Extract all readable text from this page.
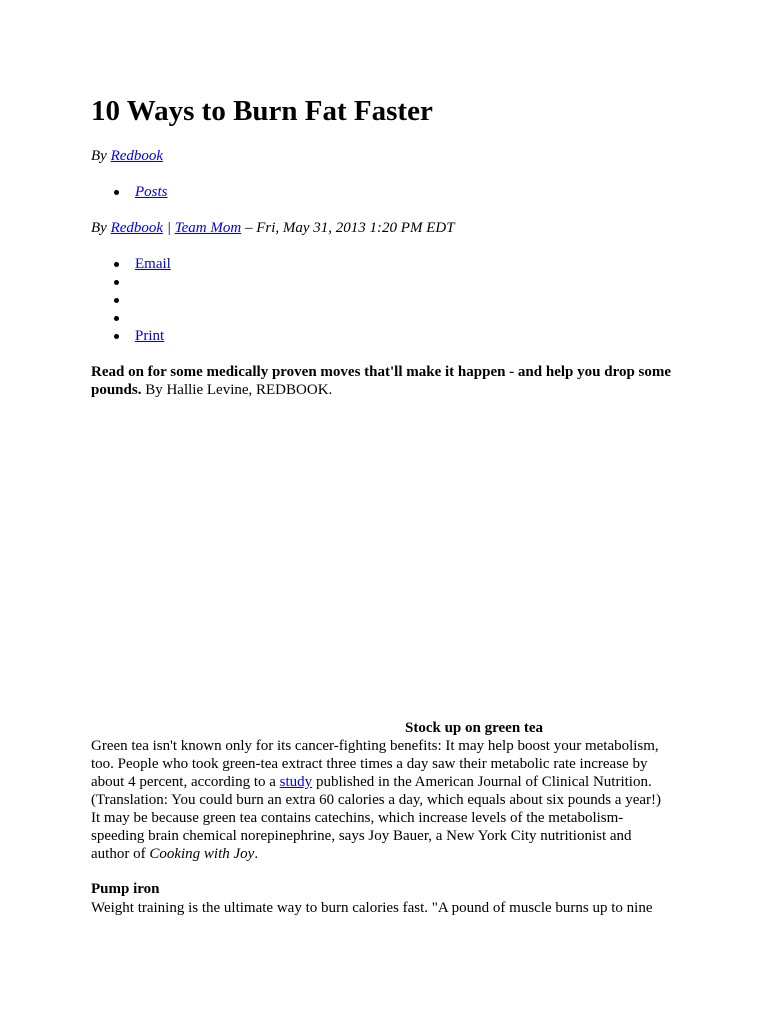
10 Ways to Burn Fat Faster
By Redbook
Posts
By Redbook | Team Mom – Fri, May 31, 2013 1:20 PM EDT
Email
Print
Read on for some medically proven moves that'll make it happen - and help you drop some pounds. By Hallie Levine, REDBOOK.
Stock up on green tea
Green tea isn't known only for its cancer-fighting benefits: It may help boost your metabolism,
too. People who took green-tea extract three times a day saw their metabolic rate increase by
about 4 percent, according to a study published in the American Journal of Clinical Nutrition.
(Translation: You could burn an extra 60 calories a day, which equals about six pounds a year!)
It may be because green tea contains catechins, which increase levels of the metabolism-
speeding brain chemical norepinephrine, says Joy Bauer, a New York City nutritionist and
author of Cooking with Joy.
Pump iron
Weight training is the ultimate way to burn calories fast. "A pound of muscle burns up to nine
